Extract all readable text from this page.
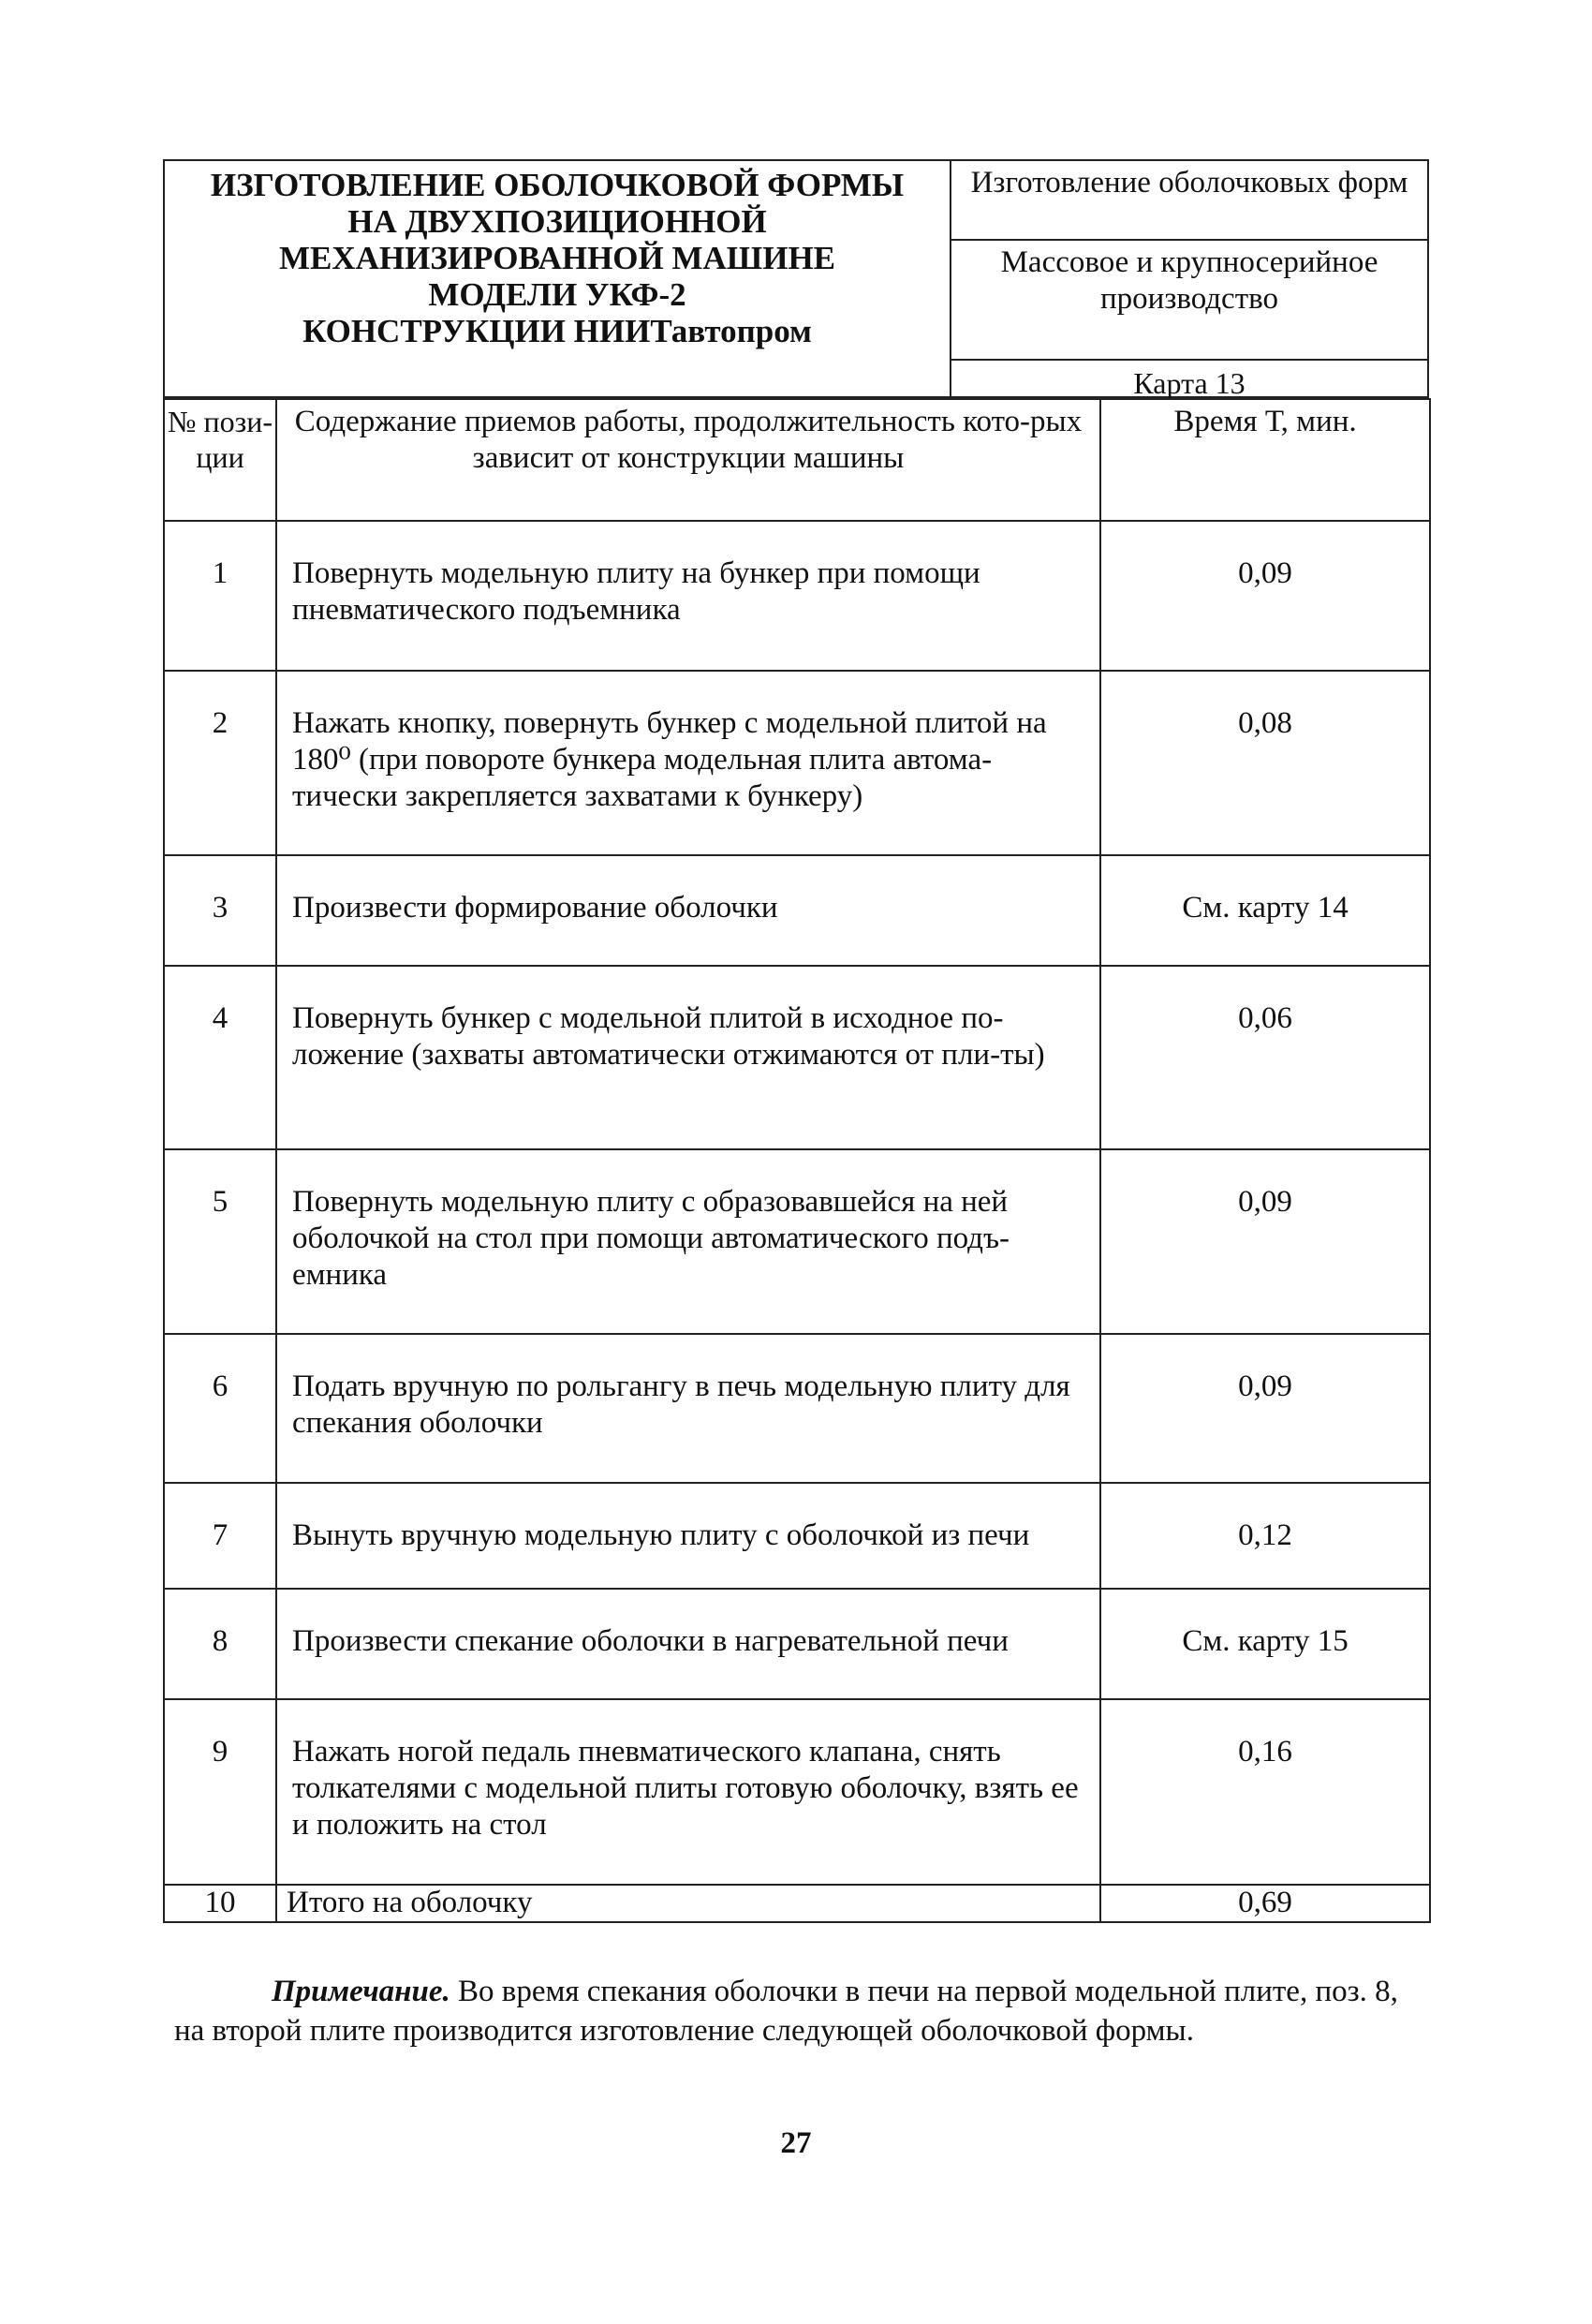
ИЗГОТОВЛЕНИЕ ОБОЛОЧКОВОЙ ФОРМЫ
НА ДВУХПОЗИЦИОННОЙ
МЕХАНИЗИРОВАННОЙ МАШИНЕ
МОДЕЛИ УКФ-2
КОНСТРУКЦИИ НИИТавтопром
Изготовление оболочковых форм
Массовое и крупносерийное производство
Карта 13
№ пози-ции	Содержание приемов работы, продолжительность кото-рых зависит от конструкции машины	Время Т, мин.
1	Повернуть модельную плиту на бункер при помощи пневматического подъемника	0,09
2	Нажать кнопку, повернуть бункер с модельной плитой на 180⁰ (при повороте бункера модельная плита автома-тически закрепляется захватами к бункеру)	0,08
3	Произвести формирование оболочки	См. карту 14
4	Повернуть бункер с модельной плитой в исходное по-ложение (захваты автоматически отжимаются от пли-ты)	0,06
5	Повернуть модельную плиту с образовавшейся на ней оболочкой на стол при помощи автоматического подъ-емника	0,09
6	Подать вручную по рольгангу в печь модельную плиту для спекания оболочки	0,09
7	Вынуть вручную модельную плиту с оболочкой из печи	0,12
8	Произвести спекание оболочки в нагревательной печи	См. карту 15
9	Нажать ногой педаль пневматического клапана, снять толкателями с модельной плиты готовую оболочку, взять ее и положить на стол	0,16
10	Итого на оболочку	0,69
Примечание. Во время спекания оболочки в печи на первой модельной плите, поз. 8, на второй плите производится изготовление следующей оболочковой формы.
27
